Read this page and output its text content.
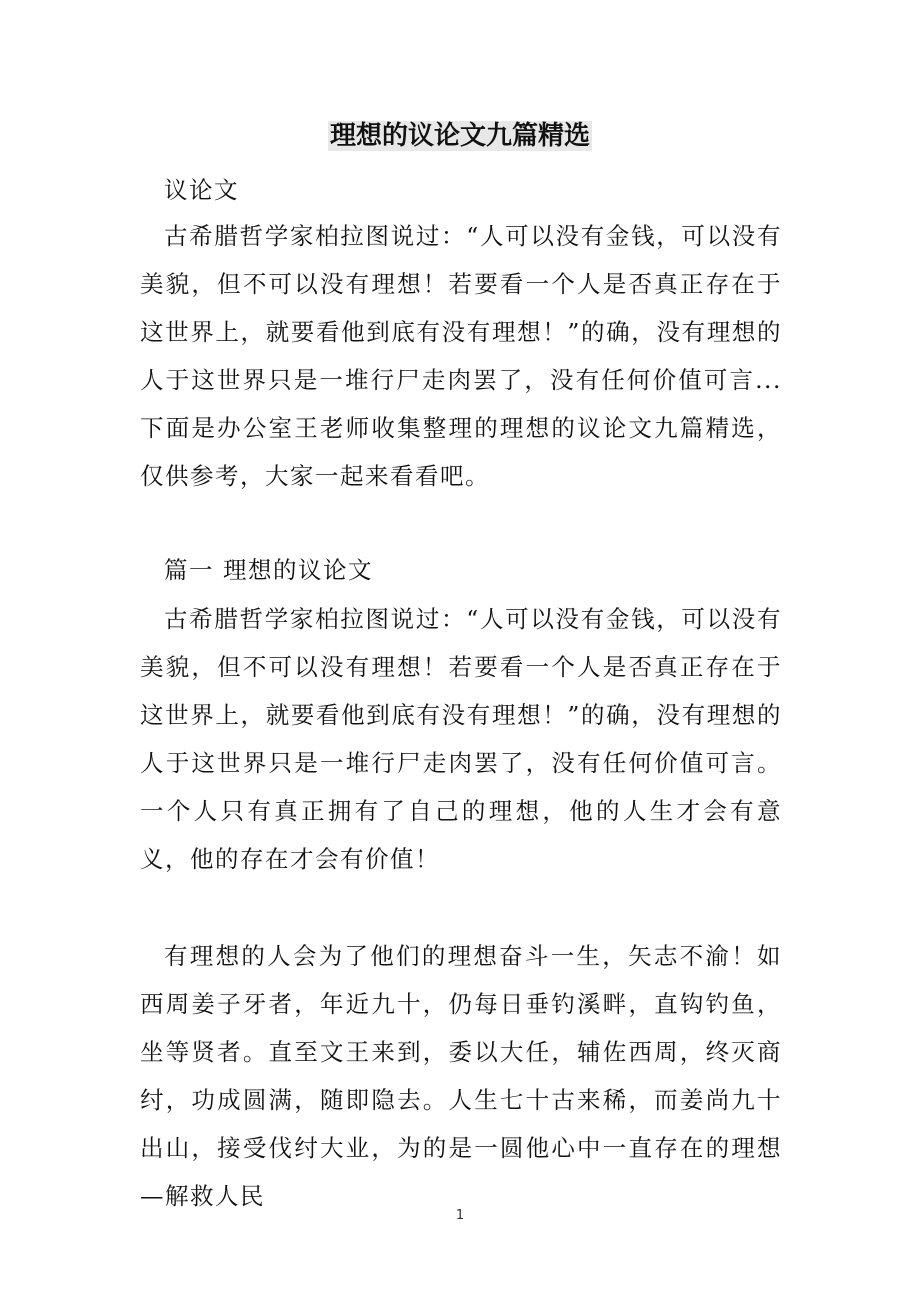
理想的议论文九篇精选

议论文

古希腊哲学家柏拉图说过：“人可以没有金钱，可以没有美貌，但不可以没有理想！若要看一个人是否真正存在于这世界上，就要看他到底有没有理想！”的确，没有理想的人于这世界只是一堆行尸走肉罢了，没有任何价值可言...下面是办公室王老师收集整理的理想的议论文九篇精选，仅供参考，大家一起来看看吧。

篇一 理想的议论文

古希腊哲学家柏拉图说过：“人可以没有金钱，可以没有美貌，但不可以没有理想！若要看一个人是否真正存在于这世界上，就要看他到底有没有理想！”的确，没有理想的人于这世界只是一堆行尸走肉罢了，没有任何价值可言。一个人只有真正拥有了自己的理想，他的人生才会有意义，他的存在才会有价值！

有理想的人会为了他们的理想奋斗一生，矢志不渝！如西周姜子牙者，年近九十，仍每日垂钓溪畔，直钩钓鱼，坐等贤者。直至文王来到，委以大任，辅佐西周，终灭商纣，功成圆满，随即隐去。人生七十古来稀，而姜尚九十出山，接受伐纣大业，为的是一圆他心中一直存在的理想—解救人民

1
